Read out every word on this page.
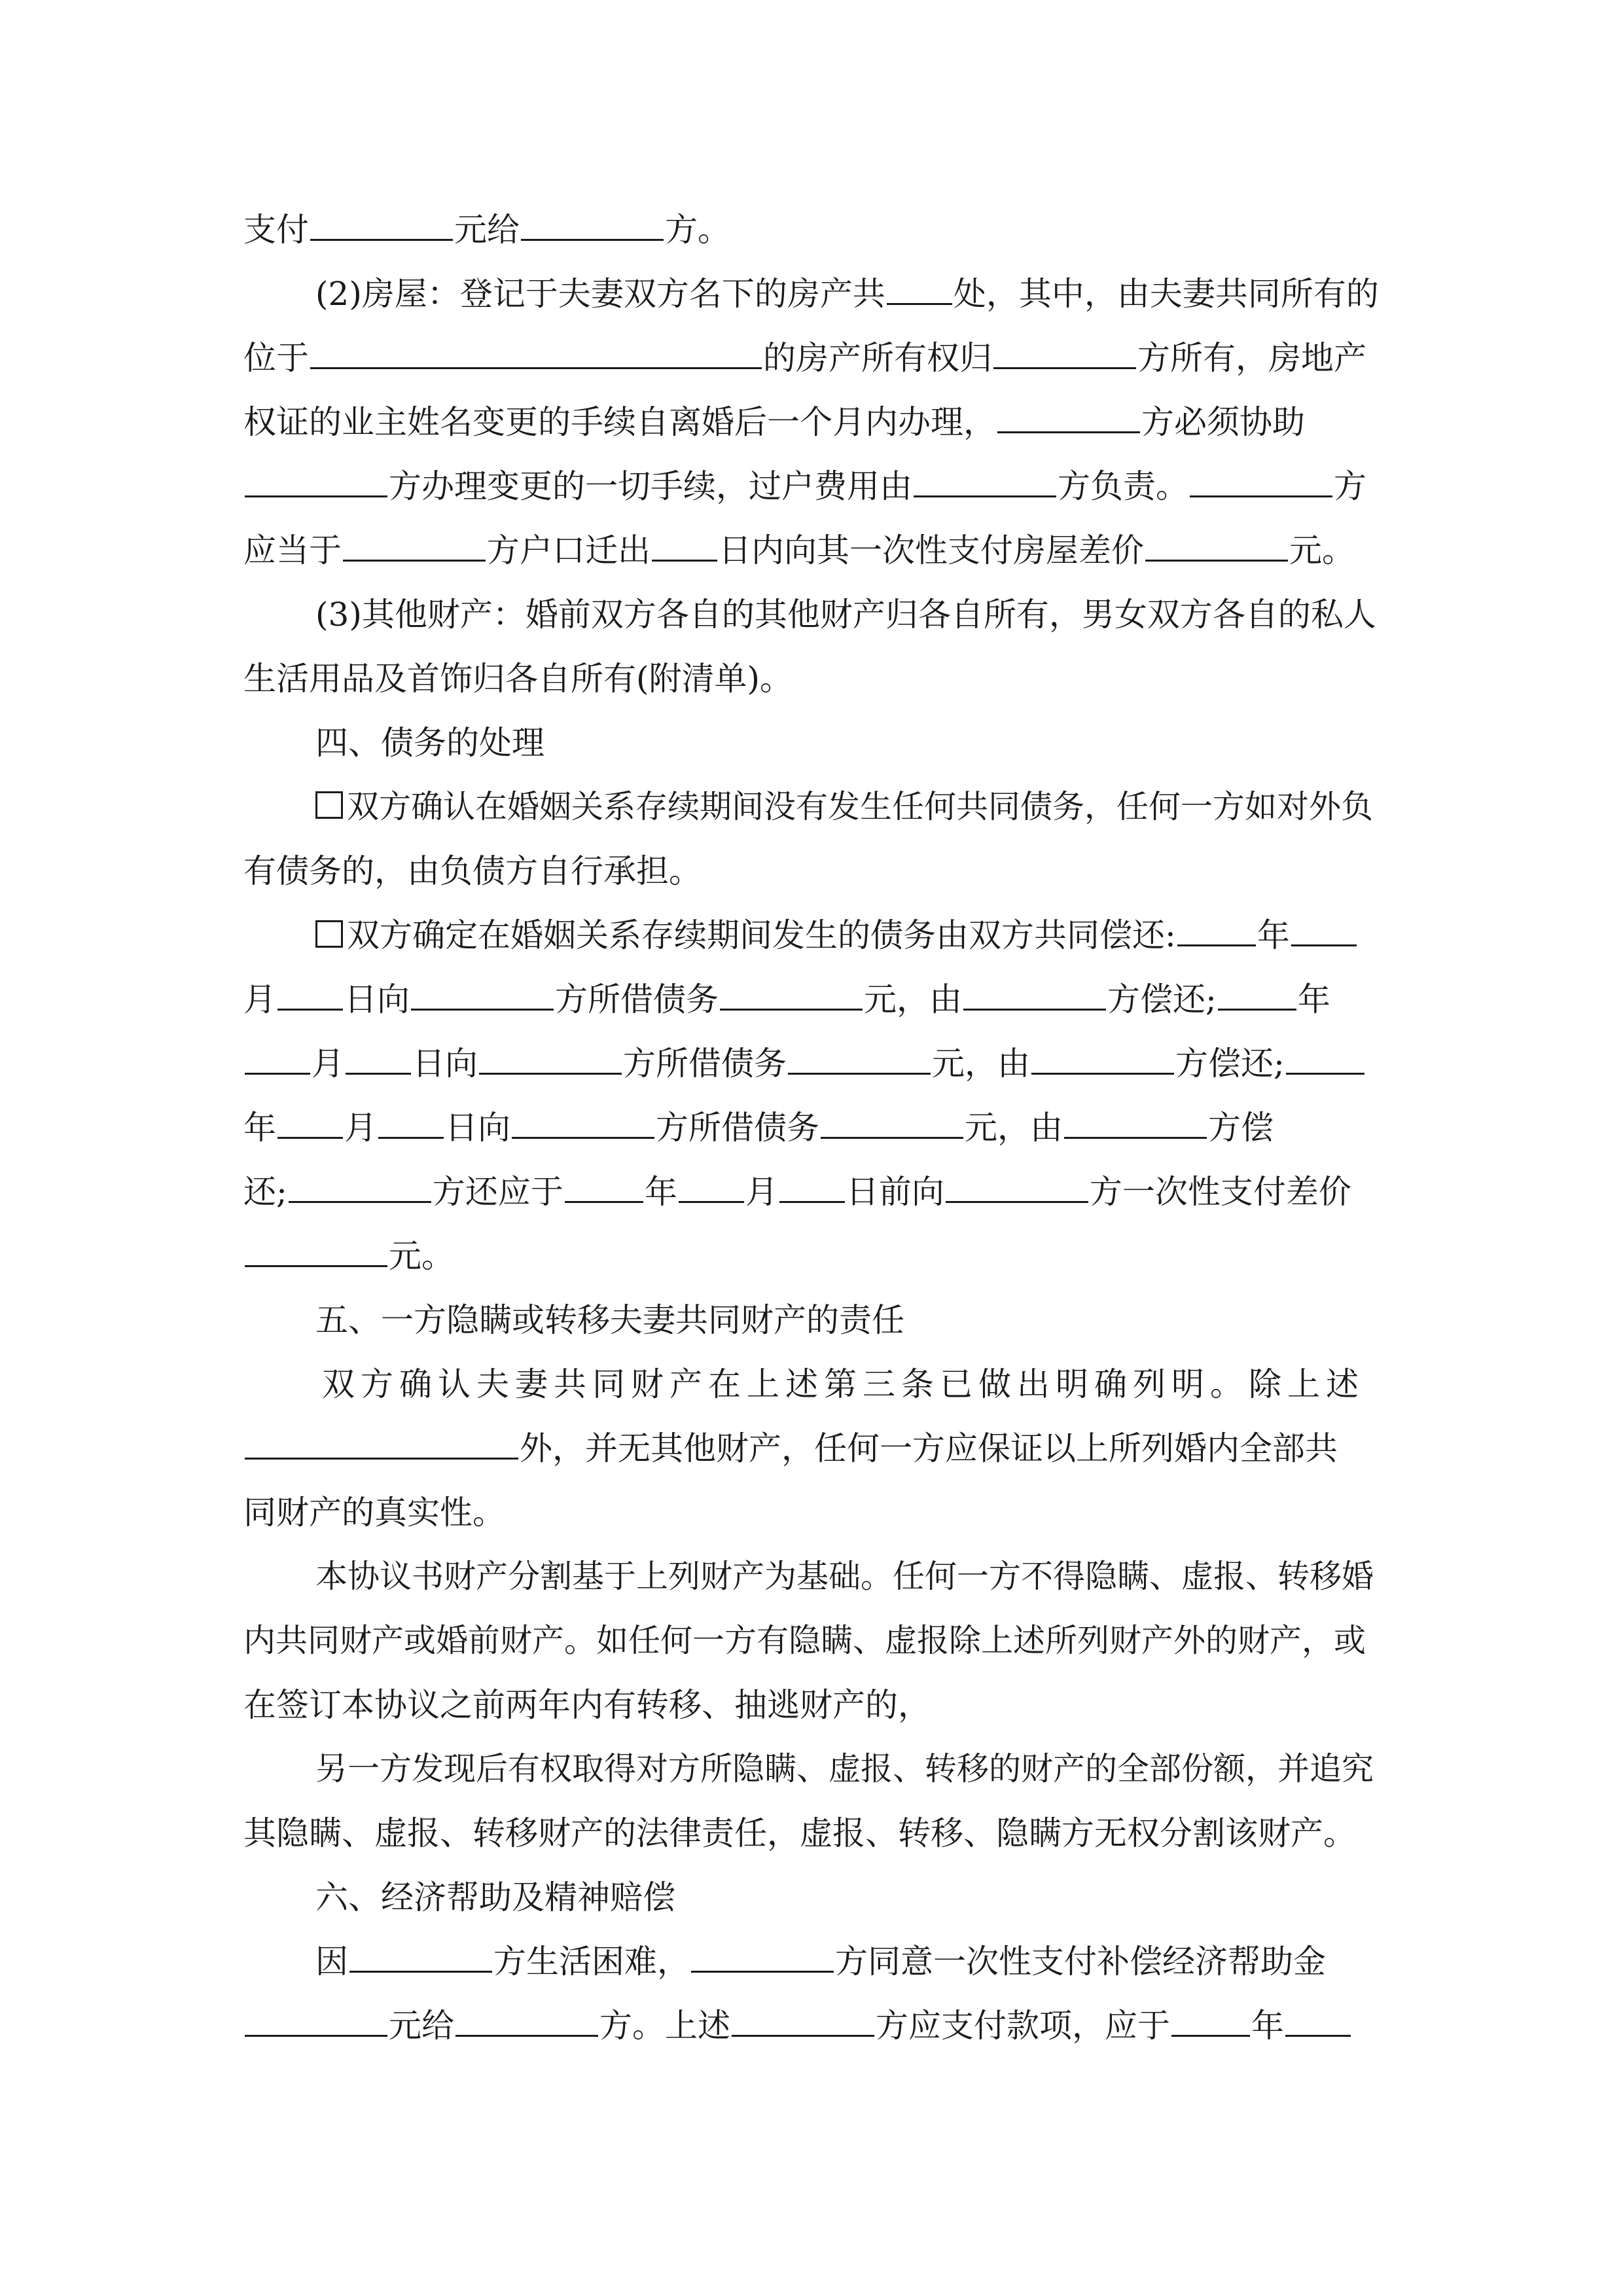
支付	元给	方。
(2)房屋：登记于夫妻双方名下的房产共 处，其中，由夫妻共同所有的
位于	的房产所有权归	方所有，房地产
权证的业主姓名变更的手续自离婚后一个月内办理，	方必须协助
方办理变更的一切手续，过户费用由	方负责。	方
应当于	方户口迁出 日内向其一次性支付房屋差价	元。
(3)其他财产：婚前双方各自的其他财产归各自所有，男女双方各自的私人
生活用品及首饰归各自所有(附清单)。
四、债务的处理
双方确认在婚姻关系存续期间没有发生任何共同债务，任何一方如对外负
有债务的，由负债方自行承担。
双方确定在婚姻关系存续期间发生的债务由双方共同偿还: 年
月 日向	方所借债务	元，由	方偿还; 年
月 日向	方所借债务	元，由	方偿还;
年 月 日向	方所借债务	元，由	方偿
还;	方还应于 年 月 日前向	方一次性支付差价
元。
五、一方隐瞒或转移夫妻共同财产的责任
双方确认夫妻共同财产在上述第三条已做出明确列明。除上述
外，并无其他财产，任何一方应保证以上所列婚内全部共
同财产的真实性。
本协议书财产分割基于上列财产为基础。任何一方不得隐瞒、虚报、转移婚
内共同财产或婚前财产。如任何一方有隐瞒、虚报除上述所列财产外的财产，或
在签订本协议之前两年内有转移、抽逃财产的，
另一方发现后有权取得对方所隐瞒、虚报、转移的财产的全部份额，并追究
其隐瞒、虚报、转移财产的法律责任，虚报、转移、隐瞒方无权分割该财产。
六、经济帮助及精神赔偿
因	方生活困难，	方同意一次性支付补偿经济帮助金
元给	方。上述	方应支付款项，应于 年
